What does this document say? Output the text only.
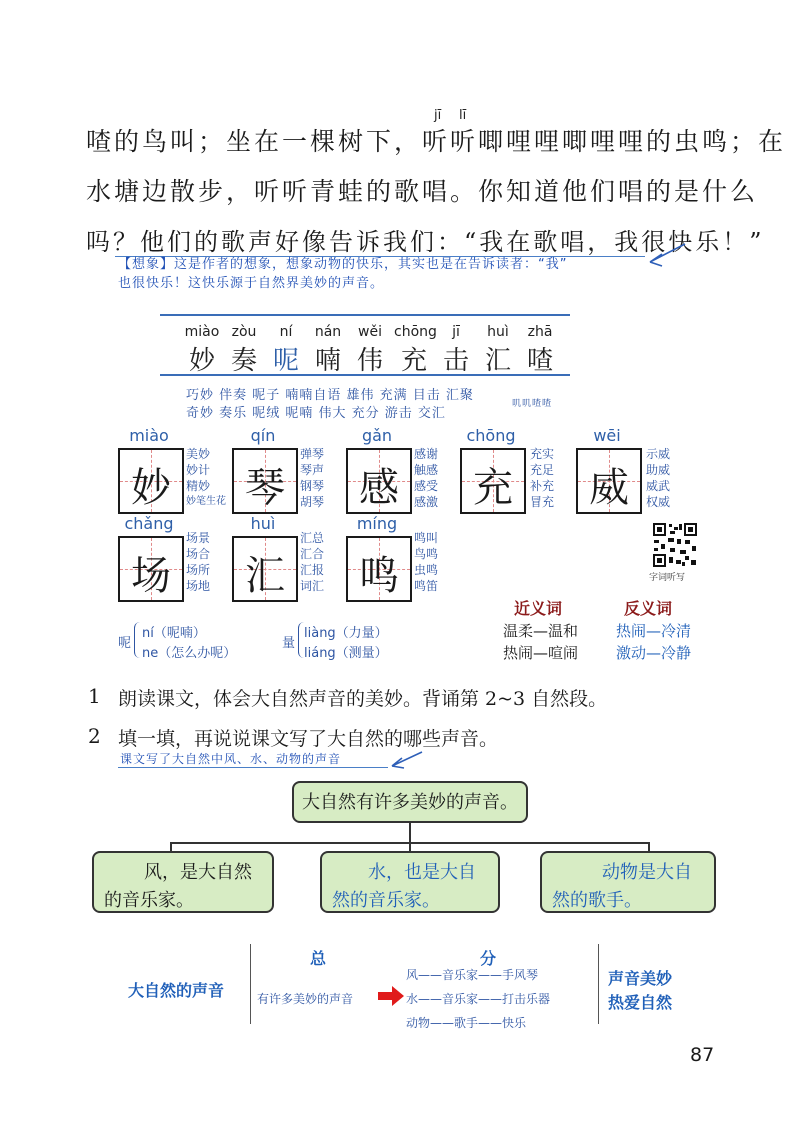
jī lī
喳的鸟叫；坐在一棵树下，听听唧哩哩唧哩哩的虫鸣；在
水塘边散步，听听青蛙的歌唱。你知道他们唱的是什么
吗？他们的歌声好像告诉我们：“我在歌唱，我很快乐！”
【想象】这是作者的想象，想象动物的快乐，其实也是在告诉读者：“我”
也很快乐！这快乐源于自然界美妙的声音。
miào
妙
zòu
奏
ní
呢
nán
喃
wěi
伟
chōng
充
jī
击
huì
汇
zhā
喳
巧妙 伴奏 呢子 喃喃自语 雄伟 充满 目击 汇聚
奇妙 奏乐 呢绒 呢喃 伟大 充分 游击 交汇
叽叽喳喳
miào
妙
美妙
妙计
精妙
妙笔生花
qín
琴
弹琴
琴声
钢琴
胡琴
gǎn
感
感谢
触感
感受
感激
chōng
充
充实
充足
补充
冒充
wēi
威
示威
助威
威武
权威
chǎng
场
场景
场合
场所
场地
huì
汇
汇总
汇合
汇报
词汇
míng
鸣
鸣叫
鸟鸣
虫鸣
鸣笛
字词听写
呢
ní（呢喃）
ne（怎么办呢）
量
liàng（力量）
liáng（测量）
近义词
温柔—温和
热闹—喧闹
反义词
热闹—冷清
激动—冷静
1 朗读课文，体会大自然声音的美妙。背诵第 2~3 自然段。
2 填一填，再说说课文写了大自然的哪些声音。
课文写了大自然中风、水、动物的声音
大自然有许多美妙的声音。
风，是大自然
的音乐家。
水，也是大自然的音乐家。
动物是大自然的歌手。
大自然的声音
总	分
有许多美妙的声音
风——音乐家——手风琴
水——音乐家——打击乐器
动物——歌手——快乐
声音美妙
热爱自然
87
